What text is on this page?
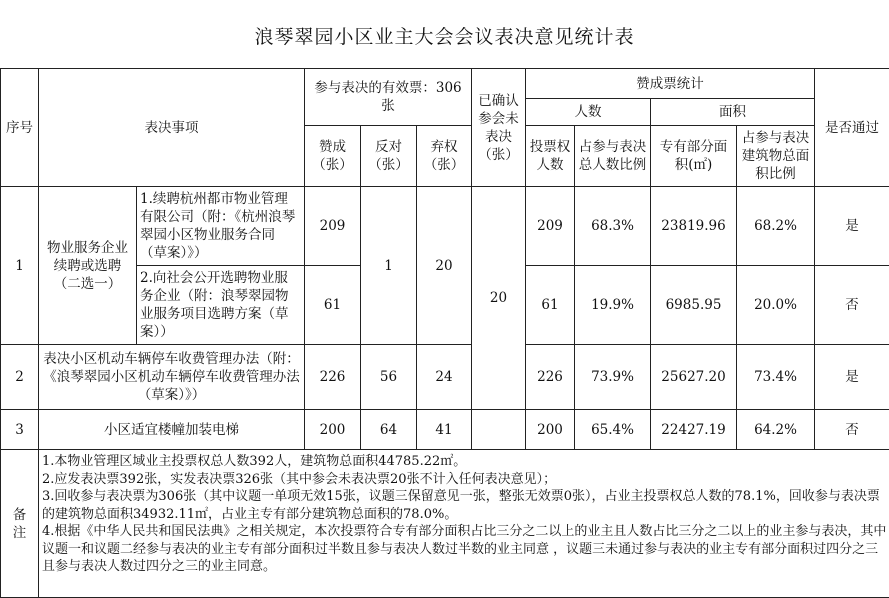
浪琴翠园小区业主大会会议表决意见统计表
序号	表决事项		参与表决的有效票：306张			已确认参会未表决（张）	赞成票统计				是否通过
							人数		面积		
			赞成（张）	反对（张）	弃权（张）		投票权人数	占参与表决总人数比例	专有部分面积(㎡)	占参与表决建筑物总面积比例	
1	物业服务企业续聘或选聘（二选一）	1.续聘杭州都市物业管理有限公司（附：《杭州浪琴翠园小区物业服务合同（草案）》）	209	1	20	20	209	68.3%	23819.96	68.2%	是
		2.向社会公开选聘物业服务企业（附：浪琴翠园物业服务项目选聘方案（草案））	61				61	19.9%	6985.95	20.0%	否
2	表决小区机动车辆停车收费管理办法（附：《浪琴翠园小区机动车辆停车收费管理办法（草案）》）		226	56	24		226	73.9%	25627.20	73.4%	是
3	小区适宜楼幢加装电梯		200	64	41		200	65.4%	22427.19	64.2%	否
备注	1.本物业管理区域业主投票权总人数392人，建筑物总面积44785.22㎡。
2.应发表决票392张，实发表决票326张（其中参会未表决票20张不计入任何表决意见）；
3.回收参与表决票为306张（其中议题一单项无效15张，议题三保留意见一张，整张无效票0张），占业主投票权总人数的78.1%，回收参与表决票的建筑物总面积34932.11㎡，占业主专有部分建筑物总面积的78.0%。
4.根据《中华人民共和国民法典》之相关规定，本次投票符合专有部分面积占比三分之二以上的业主且人数占比三分之二以上的业主参与表决，其中议题一和议题二经参与表决的业主专有部分面积过半数且参与表决人数过半数的业主同意 ，议题三未通过参与表决的业主专有部分面积过四分之三且参与表决人数过四分之三的业主同意。										
